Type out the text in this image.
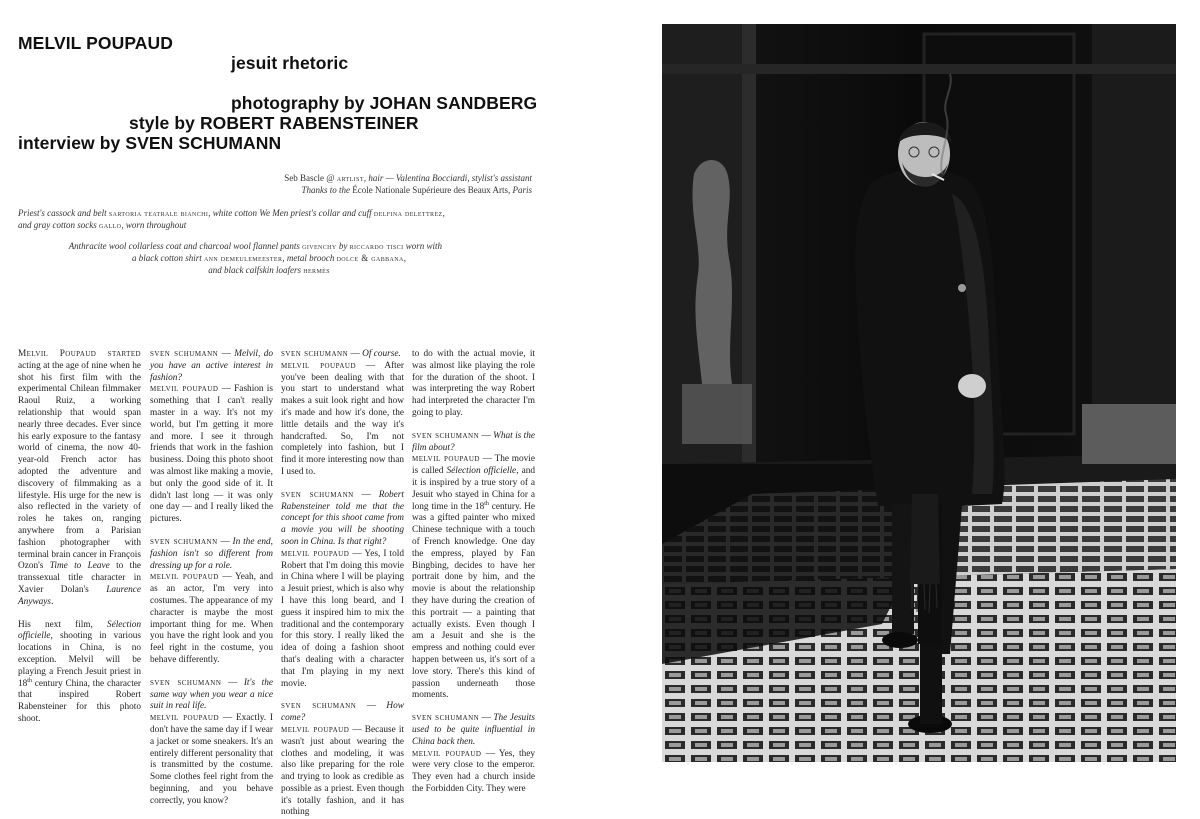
MELVIL POUPAUD
jesuit rhetoric
photography by JOHAN SANDBERG
style by ROBERT RABENSTEINER
interview by SVEN SCHUMANN
Seb Bascle @ artlist, hair — Valentina Bocciardi, stylist's assistant
Thanks to the École Nationale Supérieure des Beaux Arts, Paris
Priest's cassock and belt sartoria teatrale bianchi, white cotton We Men priest's collar and cuff delfina delettrez,
and gray cotton socks gallo, worn throughout
Anthracite wool collarless coat and charcoal wool flannel pants givenchy by riccardo tisci worn with
a black cotton shirt ann demeulemeester, metal brooch dolce & gabbana,
and black calfskin loafers hermès

Melvil Poupaud started acting at the age of nine when he shot his first film with the experimental Chilean filmmaker Raoul Ruiz, a working relationship that would span nearly three decades. Ever since his early exposure to the fantasy world of cinema, the now 40-year-old French actor has adopted the adventure and discovery of filmmaking as a lifestyle. His urge for the new is also reflected in the variety of roles he takes on, ranging anywhere from a Parisian fashion photographer with terminal brain cancer in François Ozon's Time to Leave to the transsexual title character in Xavier Dolan's Laurence Anyways.

His next film, Sélection officielle, shooting in various locations in China, is no exception. Melvil will be playing a French Jesuit priest in 18th century China, the character that inspired Robert Rabensteiner for this photo shoot.

sven schumann — Melvil, do you have an active interest in fashion?

melvil poupaud — Fashion is something that I can't really master in a way. It's not my world, but I'm getting it more and more. I see it through friends that work in the fashion business. Doing this photo shoot was almost like making a movie, but only the good side of it. It didn't last long — it was only one day — and I really liked the pictures.

sven schumann — In the end, fashion isn't so different from dressing up for a role.

melvil poupaud — Yeah, and as an actor, I'm very into costumes. The appearance of my character is maybe the most important thing for me. When you have the right look and you feel right in the costume, you behave differently.

sven schumann — It's the same way when you wear a nice suit in real life.

melvil poupaud — Exactly. I don't have the same day if I wear a jacket or some sneakers. It's an entirely different personality that is transmitted by the costume. Some clothes feel right from the beginning, and you behave correctly, you know?

sven schumann — Of course.

melvil poupaud — After you've been dealing with that you start to understand what makes a suit look right and how it's made and how it's done, the little details and the way it's handcrafted. So, I'm not completely into fashion, but I find it more interesting now than I used to.

sven schumann — Robert Rabensteiner told me that the concept for this shoot came from a movie you will be shooting soon in China. Is that right?

melvil poupaud — Yes, I told Robert that I'm doing this movie in China where I will be playing a Jesuit priest, which is also why I have this long beard, and I guess it inspired him to mix the traditional and the contemporary for this story. I really liked the idea of doing a fashion shoot that's dealing with a character that I'm playing in my next movie.

sven schumann — How come?

melvil poupaud — Because it wasn't just about wearing the clothes and modeling, it was also like preparing for the role and trying to look as credible as possible as a priest. Even though it's totally fashion, and it has nothing

to do with the actual movie, it was almost like playing the role for the duration of the shoot. I was interpreting the way Robert had interpreted the character I'm going to play.

sven schumann — What is the film about?

melvil poupaud — The movie is called Sélection officielle, and it is inspired by a true story of a Jesuit who stayed in China for a long time in the 18th century. He was a gifted painter who mixed Chinese technique with a touch of French knowledge. One day the empress, played by Fan Bingbing, decides to have her portrait done by him, and the movie is about the relationship they have during the creation of this portrait — a painting that actually exists. Even though I am a Jesuit and she is the empress and nothing could ever happen between us, it's sort of a love story. There's this kind of passion underneath those moments.

sven schumann — The Jesuits used to be quite influential in China back then.

melvil poupaud — Yes, they were very close to the emperor. They even had a church inside the Forbidden City. They were
